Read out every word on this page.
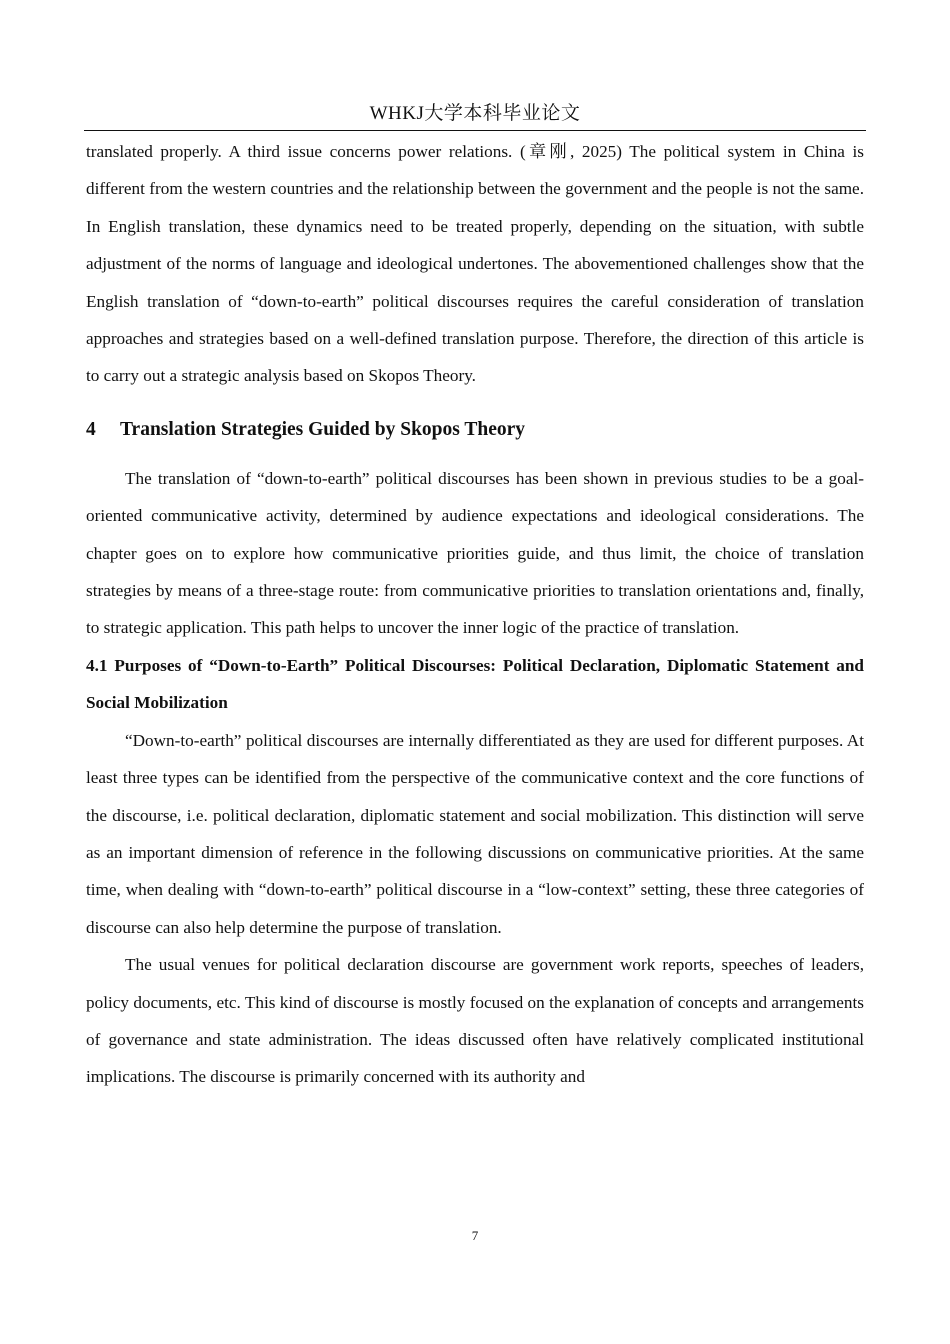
WHKJ大学本科毕业论文

translated properly. A third issue concerns power relations. (章刚, 2025) The political system in China is different from the western countries and the relationship between the government and the people is not the same. In English translation, these dynamics need to be treated properly, depending on the situation, with subtle adjustment of the norms of language and ideological undertones. The abovementioned challenges show that the English translation of “down-to-earth” political discourses requires the careful consideration of translation approaches and strategies based on a well-defined translation purpose. Therefore, the direction of this article is to carry out a strategic analysis based on Skopos Theory.

4 Translation Strategies Guided by Skopos Theory

The translation of “down-to-earth” political discourses has been shown in previous studies to be a goal-oriented communicative activity, determined by audience expectations and ideological considerations. The chapter goes on to explore how communicative priorities guide, and thus limit, the choice of translation strategies by means of a three-stage route: from communicative priorities to translation orientations and, finally, to strategic application. This path helps to uncover the inner logic of the practice of translation.

4.1 Purposes of “Down-to-Earth” Political Discourses: Political Declaration, Diplomatic Statement and Social Mobilization

“Down-to-earth” political discourses are internally differentiated as they are used for different purposes. At least three types can be identified from the perspective of the communicative context and the core functions of the discourse, i.e. political declaration, diplomatic statement and social mobilization. This distinction will serve as an important dimension of reference in the following discussions on communicative priorities. At the same time, when dealing with “down-to-earth” political discourse in a “low-context” setting, these three categories of discourse can also help determine the purpose of translation.

The usual venues for political declaration discourse are government work reports, speeches of leaders, policy documents, etc. This kind of discourse is mostly focused on the explanation of concepts and arrangements of governance and state administration. The ideas discussed often have relatively complicated institutional implications. The discourse is primarily concerned with its authority and

7
